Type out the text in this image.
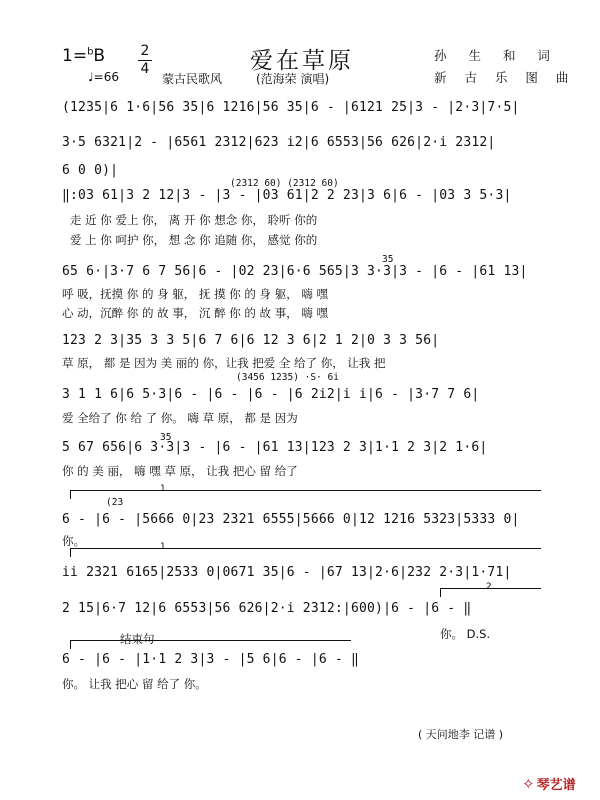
1=$^b$B	2
4
♩=66	蒙古民歌风
爱在草原
(范海荣 演唱)
孙 生 和 词
新 古 乐 图 曲
(1235|6 1·6|56 35|6 1216|56 35|6 - |6121 25|3 - |2·3|7·5|
3·5 6321|2 - |6561 2312|623 i2|6 6553|56 626|2·i 2312|
6 0 0)|
(2312 60) (2312 60)
‖:03 61|3 2 12|3 - |3 - |03 61|2 2 23|3 6|6 - |03 3 5·3|
走 近 你 爱上 你， 离 开 你 想念 你， 聆听 你的
爱 上 你 呵护 你， 想 念 你 追随 你， 感觉 你的
35
65 6·|3·7 6 7 56|6 - |02 23|6·6 565|3 3·3|3 - |6 - |61 13|
呼 吸，抚摸 你 的 身 躯， 抚 摸 你 的 身 躯， 嗨 嘿
心 动，沉醉 你 的 故 事， 沉 醉 你 的 故 事， 嗨 嘿
123 2 3|35 3 3 5|6 7 6|6 12 3 6|2 1 2|0 3 3 56|
草 原， 都 是 因为 美 丽的 你，让我 把爱 全 给了 你， 让我 把
(3456 1235) ·S· 6i
3 1 1 6|6 5·3|6 - |6 - |6 - |6 2i2|i i|6 - |3·7 7 6|
爱 全给了 你 给 了 你。 嗨 草 原， 都 是 因为
35
5 67 656|6 3·3|3 - |6 - |61 13|123 2 3|1·1 2 3|2 1·6|
你 的 美 丽， 嗨 嘿 草 原， 让我 把心 留 给了
1
(23
6 - |6 - |5666 0|23 2321 6555|5666 0|12 1216 5323|5333 0|
你。	1
ii 2321 6165|2533 0|0671 35|6 - |67 13|2·6|232 2·3|1·71|
2
2 15|6·7 12|6 6553|56 626|2·i 2312:|600)|6 - |6 - ‖
你。 D.S.
结束句
6 - |6 - |1·1 2 3|3 - |5 6|6 - |6 - ‖
你。 让我 把心 留 给了 你。
( 天问地李 记谱 )
✧ 琴艺谱
